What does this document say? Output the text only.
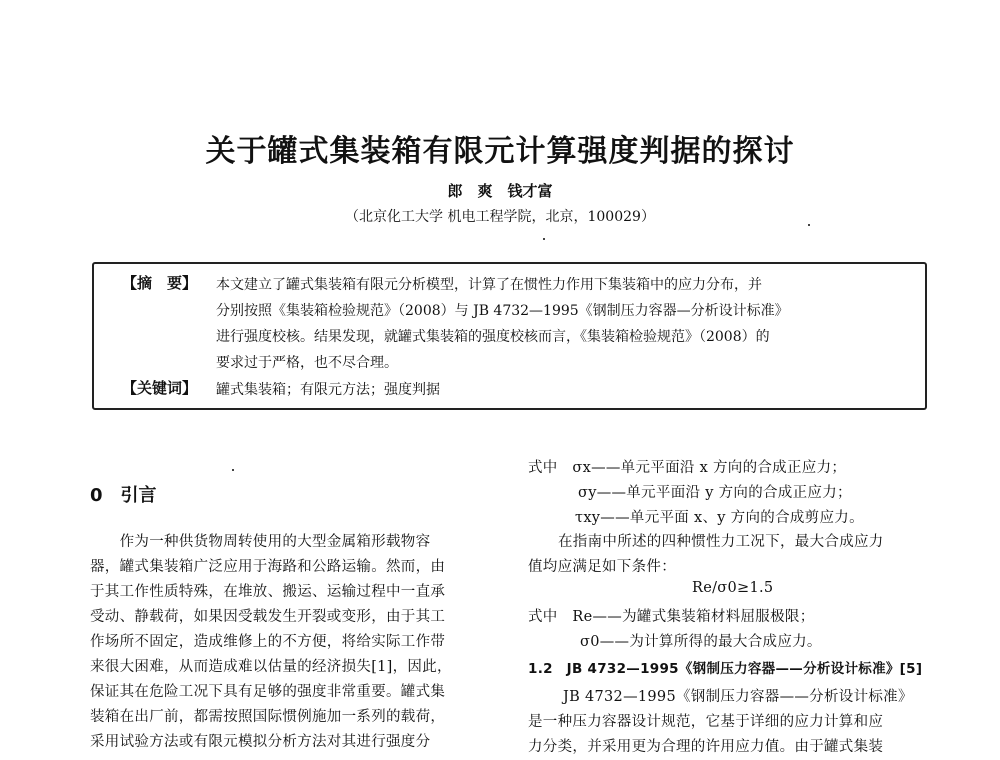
关于罐式集装箱有限元计算强度判据的探讨
郎　爽　钱才富
（北京化工大学 机电工程学院，北京，100029）
【摘　要】 本文建立了罐式集装箱有限元分析模型，计算了在惯性力作用下集装箱中的应力分布，并
分别按照《集装箱检验规范》（2008）与 JB 4732—1995《钢制压力容器—分析设计标准》
进行强度校核。结果发现，就罐式集装箱的强度校核而言，《集装箱检验规范》（2008）的
要求过于严格，也不尽合理。
【关键词】 罐式集装箱；有限元方法；强度判据
0　引言
　　作为一种供货物周转使用的大型金属箱形载物容
器，罐式集装箱广泛应用于海路和公路运输。然而，由
于其工作性质特殊，在堆放、搬运、运输过程中一直承
受动、静载荷，如果因受载发生开裂或变形，由于其工
作场所不固定，造成维修上的不方便，将给实际工作带
来很大困难，从而造成难以估量的经济损失[1]，因此，
保证其在危险工况下具有足够的强度非常重要。罐式集
装箱在出厂前，都需按照国际惯例施加一系列的载荷，
采用试验方法或有限元模拟分析方法对其进行强度分
式中　σx——单元平面沿 x 方向的合成正应力；
σy——单元平面沿 y 方向的合成正应力；
τxy——单元平面 x、y 方向的合成剪应力。
在指南中所述的四种惯性力工况下，最大合成应力
值均应满足如下条件：
Re/σ0≥1.5
式中　Re——为罐式集装箱材料屈服极限；
σ0——为计算所得的最大合成应力。
1.2　JB 4732—1995《钢制压力容器——分析设计标准》[5]
JB 4732—1995《钢制压力容器——分析设计标准》
是一种压力容器设计规范，它基于详细的应力计算和应
力分类，并采用更为合理的许用应力值。由于罐式集装
